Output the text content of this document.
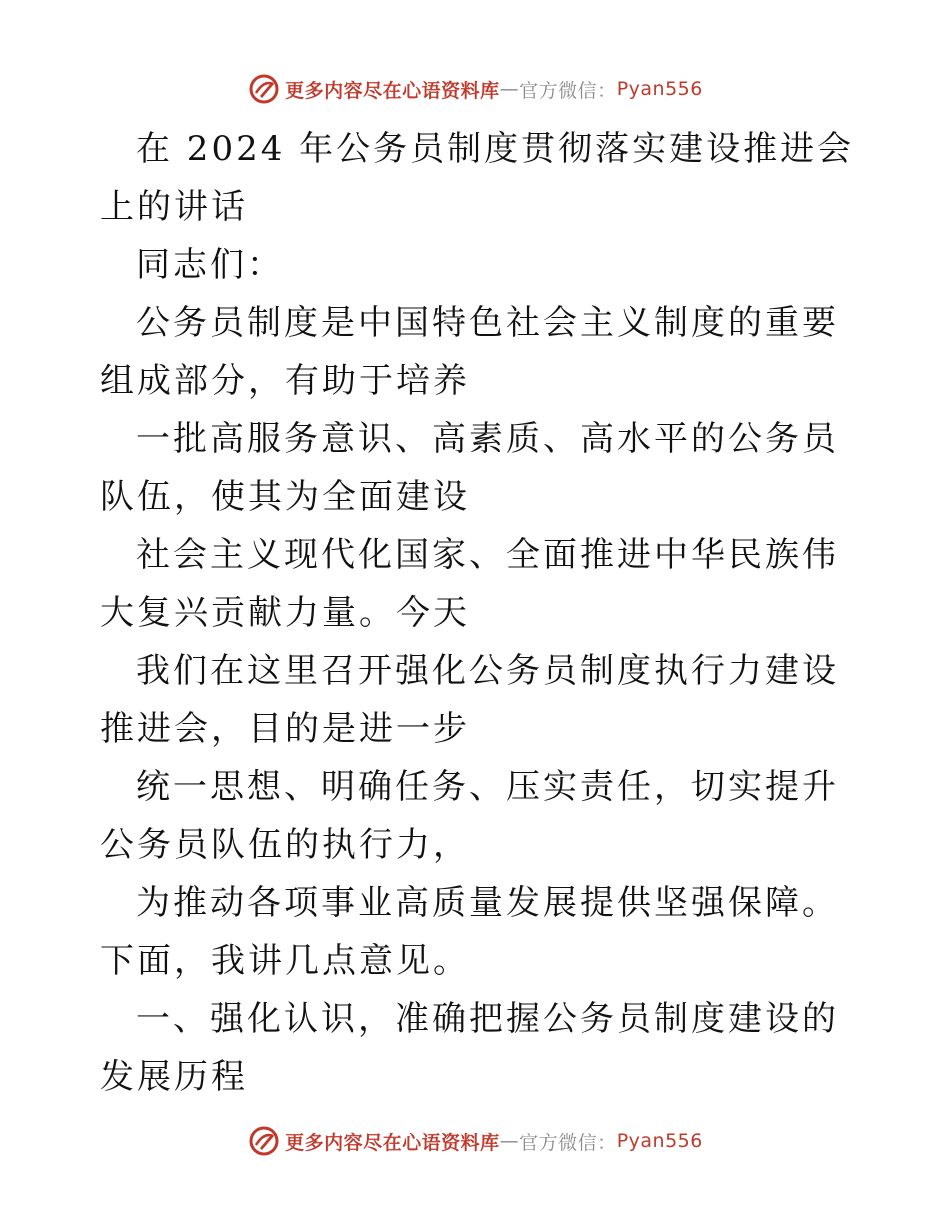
更多内容尽在心语资料库 — 官方微信： Pyan556

在 2024 年公务员制度贯彻落实建设推进会上的讲话

同志们：

公务员制度是中国特色社会主义制度的重要组成部分，有助于培养

一批高服务意识、高素质、高水平的公务员队伍，使其为全面建设

社会主义现代化国家、全面推进中华民族伟大复兴贡献力量。今天

我们在这里召开强化公务员制度执行力建设推进会，目的是进一步

统一思想、明确任务、压实责任，切实提升公务员队伍的执行力，

为推动各项事业高质量发展提供坚强保障。下面，我讲几点意见。

一、强化认识，准确把握公务员制度建设的发展历程

更多内容尽在心语资料库 — 官方微信： Pyan556
